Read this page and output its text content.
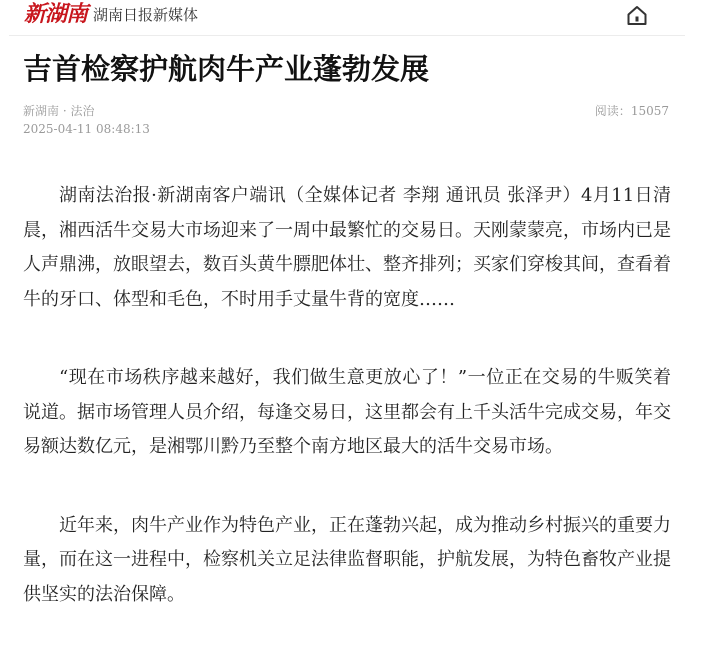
新湖南 湖南日报新媒体
吉首检察护航肉牛产业蓬勃发展
新湖南 · 法治
2025-04-11 08:48:13
阅读：15057

湖南法治报·新湖南客户端讯（全媒体记者 李翔 通讯员 张泽尹）4月11日清晨，湘西活牛交易大市场迎来了一周中最繁忙的交易日。天刚蒙蒙亮，市场内已是人声鼎沸，放眼望去，数百头黄牛膘肥体壮、整齐排列；买家们穿梭其间，查看着牛的牙口、体型和毛色，不时用手丈量牛背的宽度……

“现在市场秩序越来越好，我们做生意更放心了！”一位正在交易的牛贩笑着说道。据市场管理人员介绍，每逢交易日，这里都会有上千头活牛完成交易，年交易额达数亿元，是湘鄂川黔乃至整个南方地区最大的活牛交易市场。

近年来，肉牛产业作为特色产业，正在蓬勃兴起，成为推动乡村振兴的重要力量，而在这一进程中，检察机关立足法律监督职能，护航发展，为特色畜牧产业提供坚实的法治保障。
